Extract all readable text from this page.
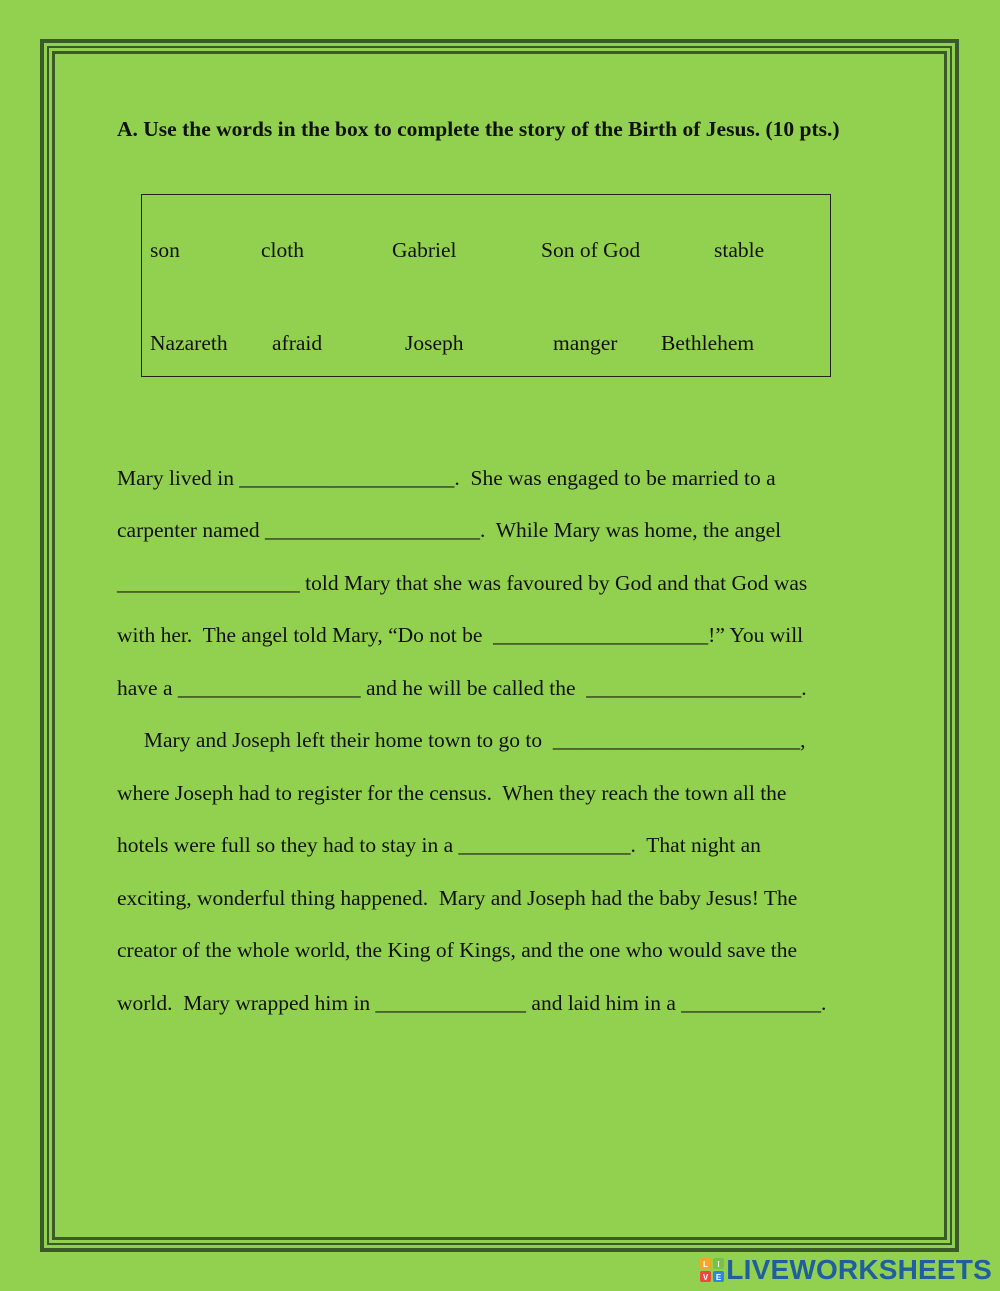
A. Use the words in the box to complete the story of the Birth of Jesus. (10 pts.)

son	cloth	Gabriel	Son of God	stable
Nazareth afraid	Joseph	manger Bethlehem
Mary lived in ____________________.  She was engaged to be married to a
carpenter named ____________________.  While Mary was home, the angel
_________________ told Mary that she was favoured by God and that God was
with her.  The angel told Mary, “Do not be  ____________________!” You will
have a _________________ and he will be called the  ____________________.
Mary and Joseph left their home town to go to  _______________________,
where Joseph had to register for the census.  When they reach the town all the
hotels were full so they had to stay in a ________________.  That night an
exciting, wonderful thing happened.  Mary and Joseph had the baby Jesus! The
creator of the whole world, the King of Kings, and the one who would save the
world.  Mary wrapped him in ______________ and laid him in a _____________.
L I
V E LIVEWORKSHEETS
